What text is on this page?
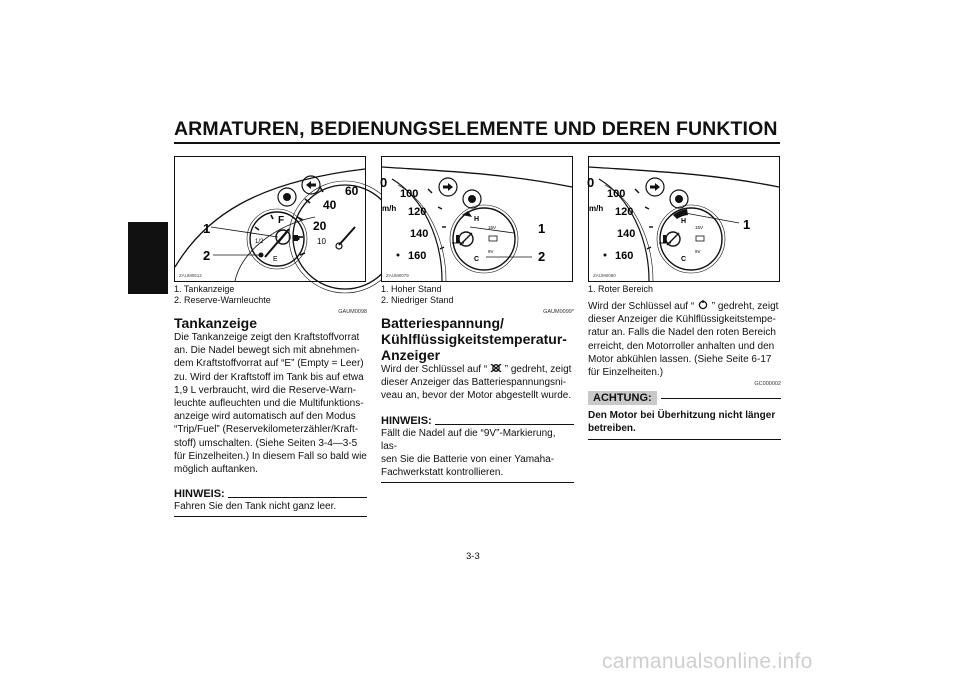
ARMATUREN, BEDIENUNGSELEMENTE UND DEREN FUNKTION
3
60
40
20
10
F
1/2
E
1
2
ZAUM0512
0
100
120
140
160
m/h
H
C
15V
9V
1
2
ZAUM0079
0
100
120
140
160
m/h
H
C
15V
9V
1
ZAUM0080
1. Tankanzeige
2. Reserve-Warnleuchte
1. Hoher Stand
2. Niedriger Stand
1. Roter Bereich
GAUM0098
Tankanzeige
Die Tankanzeige zeigt den Kraftstoffvorrat
an. Die Nadel bewegt sich mit abnehmen-
dem Kraftstoffvorrat auf “E” (Empty = Leer)
zu. Wird der Kraftstoff im Tank bis auf etwa
1,9 L verbraucht, wird die Reserve-Warn-
leuchte aufleuchten und die Multifunktions-
anzeige wird automatisch auf den Modus
“Trip/Fuel” (Reservekilometerzähler/Kraft-
stoff) umschalten. (Siehe Seiten 3-4—3-5
für Einzelheiten.) In diesem Fall so bald wie
möglich auftanken.
HINWEIS:
Fahren Sie den Tank nicht ganz leer.
GAUM0099*
Batteriespannung/
Kühlflüssigkeitstemperatur-
Anzeiger
Wird der Schlüssel auf “  ” gedreht, zeigt
dieser Anzeiger das Batteriespannungsni-
veau an, bevor der Motor abgestellt wurde.
HINWEIS:
Fällt die Nadel auf die “9V”-Markierung, las-
sen Sie die Batterie von einer Yamaha-
Fachwerkstatt kontrollieren.
Wird der Schlüssel auf “  ” gedreht, zeigt
dieser Anzeiger die Kühlflüssigkeitstempe-
ratur an. Falls die Nadel den roten Bereich
erreicht, den Motorroller anhalten und den
Motor abkühlen lassen. (Siehe Seite 6-17
für Einzelheiten.)
GC000002
ACHTUNG:
Den Motor bei Überhitzung nicht länger
betreiben.
3-3
carmanualsonline.info
